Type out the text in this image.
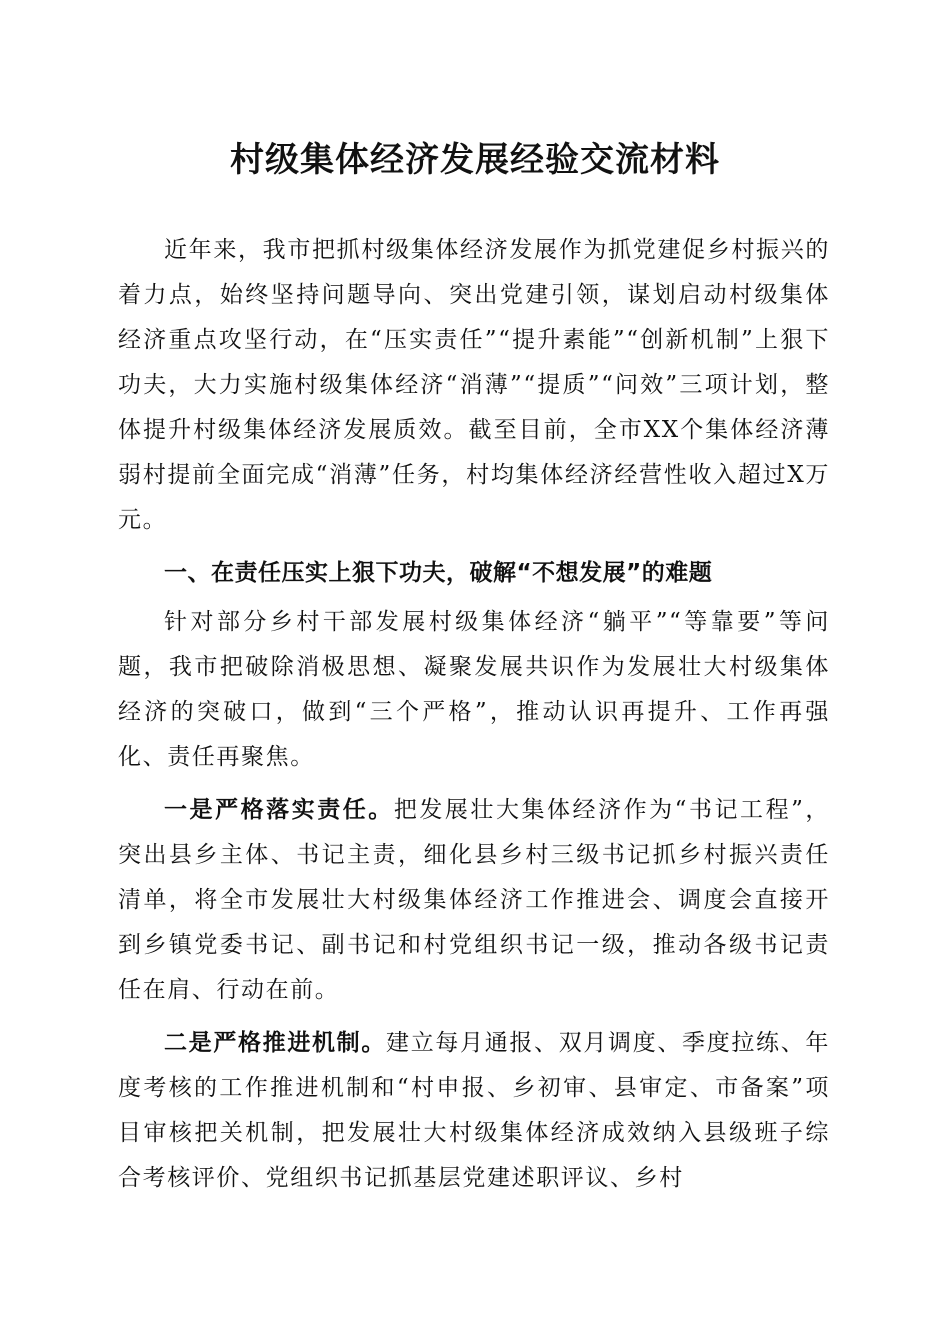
村级集体经济发展经验交流材料

近年来，我市把抓村级集体经济发展作为抓党建促乡村振兴的着力点，始终坚持问题导向、突出党建引领，谋划启动村级集体经济重点攻坚行动，在“压实责任”“提升素能”“创新机制”上狠下功夫，大力实施村级集体经济“消薄”“提质”“问效”三项计划，整体提升村级集体经济发展质效。截至目前，全市XX个集体经济薄弱村提前全面完成“消薄”任务，村均集体经济经营性收入超过X万元。

一、在责任压实上狠下功夫，破解“不想发展”的难题

针对部分乡村干部发展村级集体经济“躺平”“等靠要”等问题，我市把破除消极思想、凝聚发展共识作为发展壮大村级集体经济的突破口，做到“三个严格”，推动认识再提升、工作再强化、责任再聚焦。

一是严格落实责任。把发展壮大集体经济作为“书记工程”，突出县乡主体、书记主责，细化县乡村三级书记抓乡村振兴责任清单，将全市发展壮大村级集体经济工作推进会、调度会直接开到乡镇党委书记、副书记和村党组织书记一级，推动各级书记责任在肩、行动在前。

二是严格推进机制。建立每月通报、双月调度、季度拉练、年度考核的工作推进机制和“村申报、乡初审、县审定、市备案”项目审核把关机制，把发展壮大村级集体经济成效纳入县级班子综合考核评价、党组织书记抓基层党建述职评议、乡村
